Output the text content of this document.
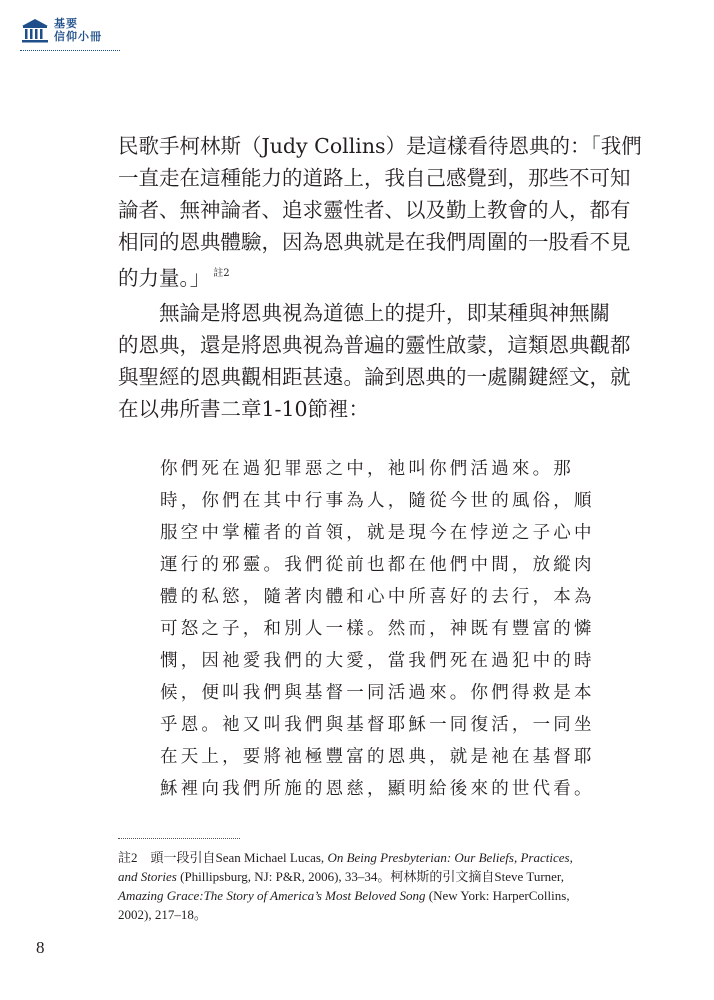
基要
信仰小冊

民歌手柯林斯（Judy Collins）是這樣看待恩典的：「我們
一直走在這種能力的道路上，我自己感覺到，那些不可知
論者、無神論者、追求靈性者、以及勤上教會的人，都有
相同的恩典體驗，因為恩典就是在我們周圍的一股看不見
的力量。」 $^{註2}$

無論是將恩典視為道德上的提升，即某種與神無關
的恩典，還是將恩典視為普遍的靈性啟蒙，這類恩典觀都
與聖經的恩典觀相距甚遠。論到恩典的一處關鍵經文，就
在以弗所書二章1-10節裡：

你們死在過犯罪惡之中，祂叫你們活過來。那
時，你們在其中行事為人，隨從今世的風俗，順
服空中掌權者的首領，就是現今在悖逆之子心中
運行的邪靈。我們從前也都在他們中間，放縱肉
體的私慾，隨著肉體和心中所喜好的去行，本為
可怒之子，和別人一樣。然而，神既有豐富的憐
憫，因祂愛我們的大愛，當我們死在過犯中的時
候，便叫我們與基督一同活過來。你們得救是本
乎恩。祂又叫我們與基督耶穌一同復活，一同坐
在天上，要將祂極豐富的恩典，就是祂在基督耶
穌裡向我們所施的恩慈，顯明給後來的世代看。
註2　 頭一段引自Sean Michael Lucas, On Being Presbyterian: Our Beliefs, Practices,
and Stories (Phillipsburg, NJ: P&R, 2006), 33–34。柯林斯的引文摘自Steve Turner,
Amazing Grace:The Story of America’s Most Beloved Song (New York: HarperCollins,
2002), 217–18。
8
